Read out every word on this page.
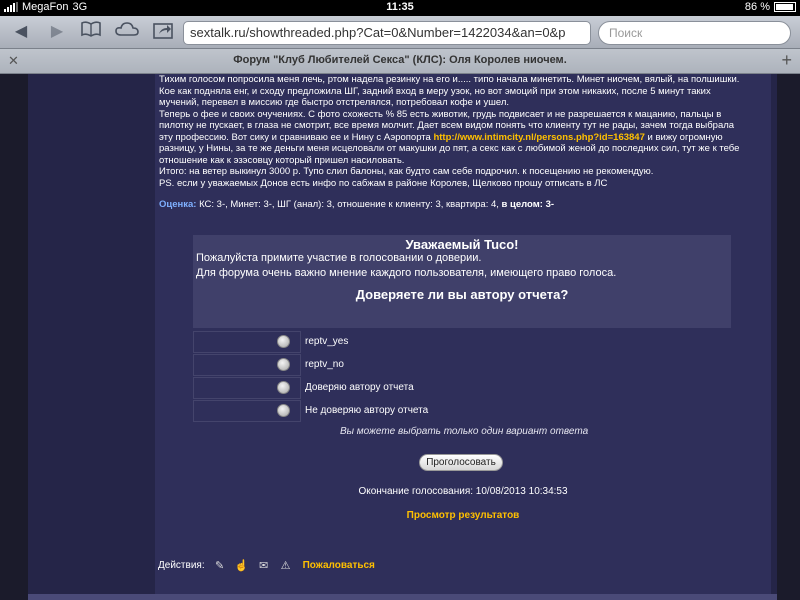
MegaFon 3G	11:35	86 %
◀	▶	sextalk.ru/showthreaded.php?Cat=0&Number=1422034&an=0&p	Поиск
✕	Форум "Клуб Любителей Секса" (КЛС): Оля Королев ниочем.	+

Тихим голосом попросила меня лечь, ртом надела резинку на его и..... типо начала минетить. Минет ниочем, вялый, на полшишки.

Кое как подняла енг, и сходу предложила ШГ, задний вход в меру узок, но вот эмоций при этом никаких, после 5 минут таких

мучений, перевел в миссию где быстро отстрелялся, потребовал кофе и ушел.

Теперь о фее и своих очучениях. С фото схожесть % 85 есть животик, грудь подвисает и не разрешается к мацанию, пальцы в

пилотку не пускает, в глаза не смотрит, все время молчит. Дает всем видом понять что клиенту тут не рады, зачем тогда выбрала

эту профессию. Вот сику и сравниваю ее и Нину с Аэропорта http://www.intimcity.nl/persons.php?id=163847 и вижу огромную

разницу, у Нины, за те же деньги меня исцеловали от макушки до пят, а секс как с любимой женой до последних сил, тут же к тебе

отношение как к эзэсовцу который пришел насиловать.

Итого: на ветер выкинул 3000 р. Тупо слил балоны, как будто сам себе подрочил. к посещению не рекомендую.

PS. если у уважаемых Донов есть инфо по сабжам в районе Королев, Щелково прошу отписать в ЛС

Оценка: КС: 3-, Минет: 3-, ШГ (анал): 3, отношение к клиенту: 3, квартира: 4, в целом: 3-
Уважаемый Tuco!
Пожалуйста примите участие в голосовании о доверии.
Для форума очень важно мнение каждого пользователя, имеющего право голоса.
Доверяете ли вы автору отчета?
reptv_yes
reptv_no
Доверяю автору отчета
Не доверяю автору отчета
Вы можете выбрать только один вариант ответа
Проголосовать
Окончание голосования: 10/08/2013 10:34:53
Просмотр результатов
Действия: ✎ ☝ ✉ ⚠ Пожаловаться
